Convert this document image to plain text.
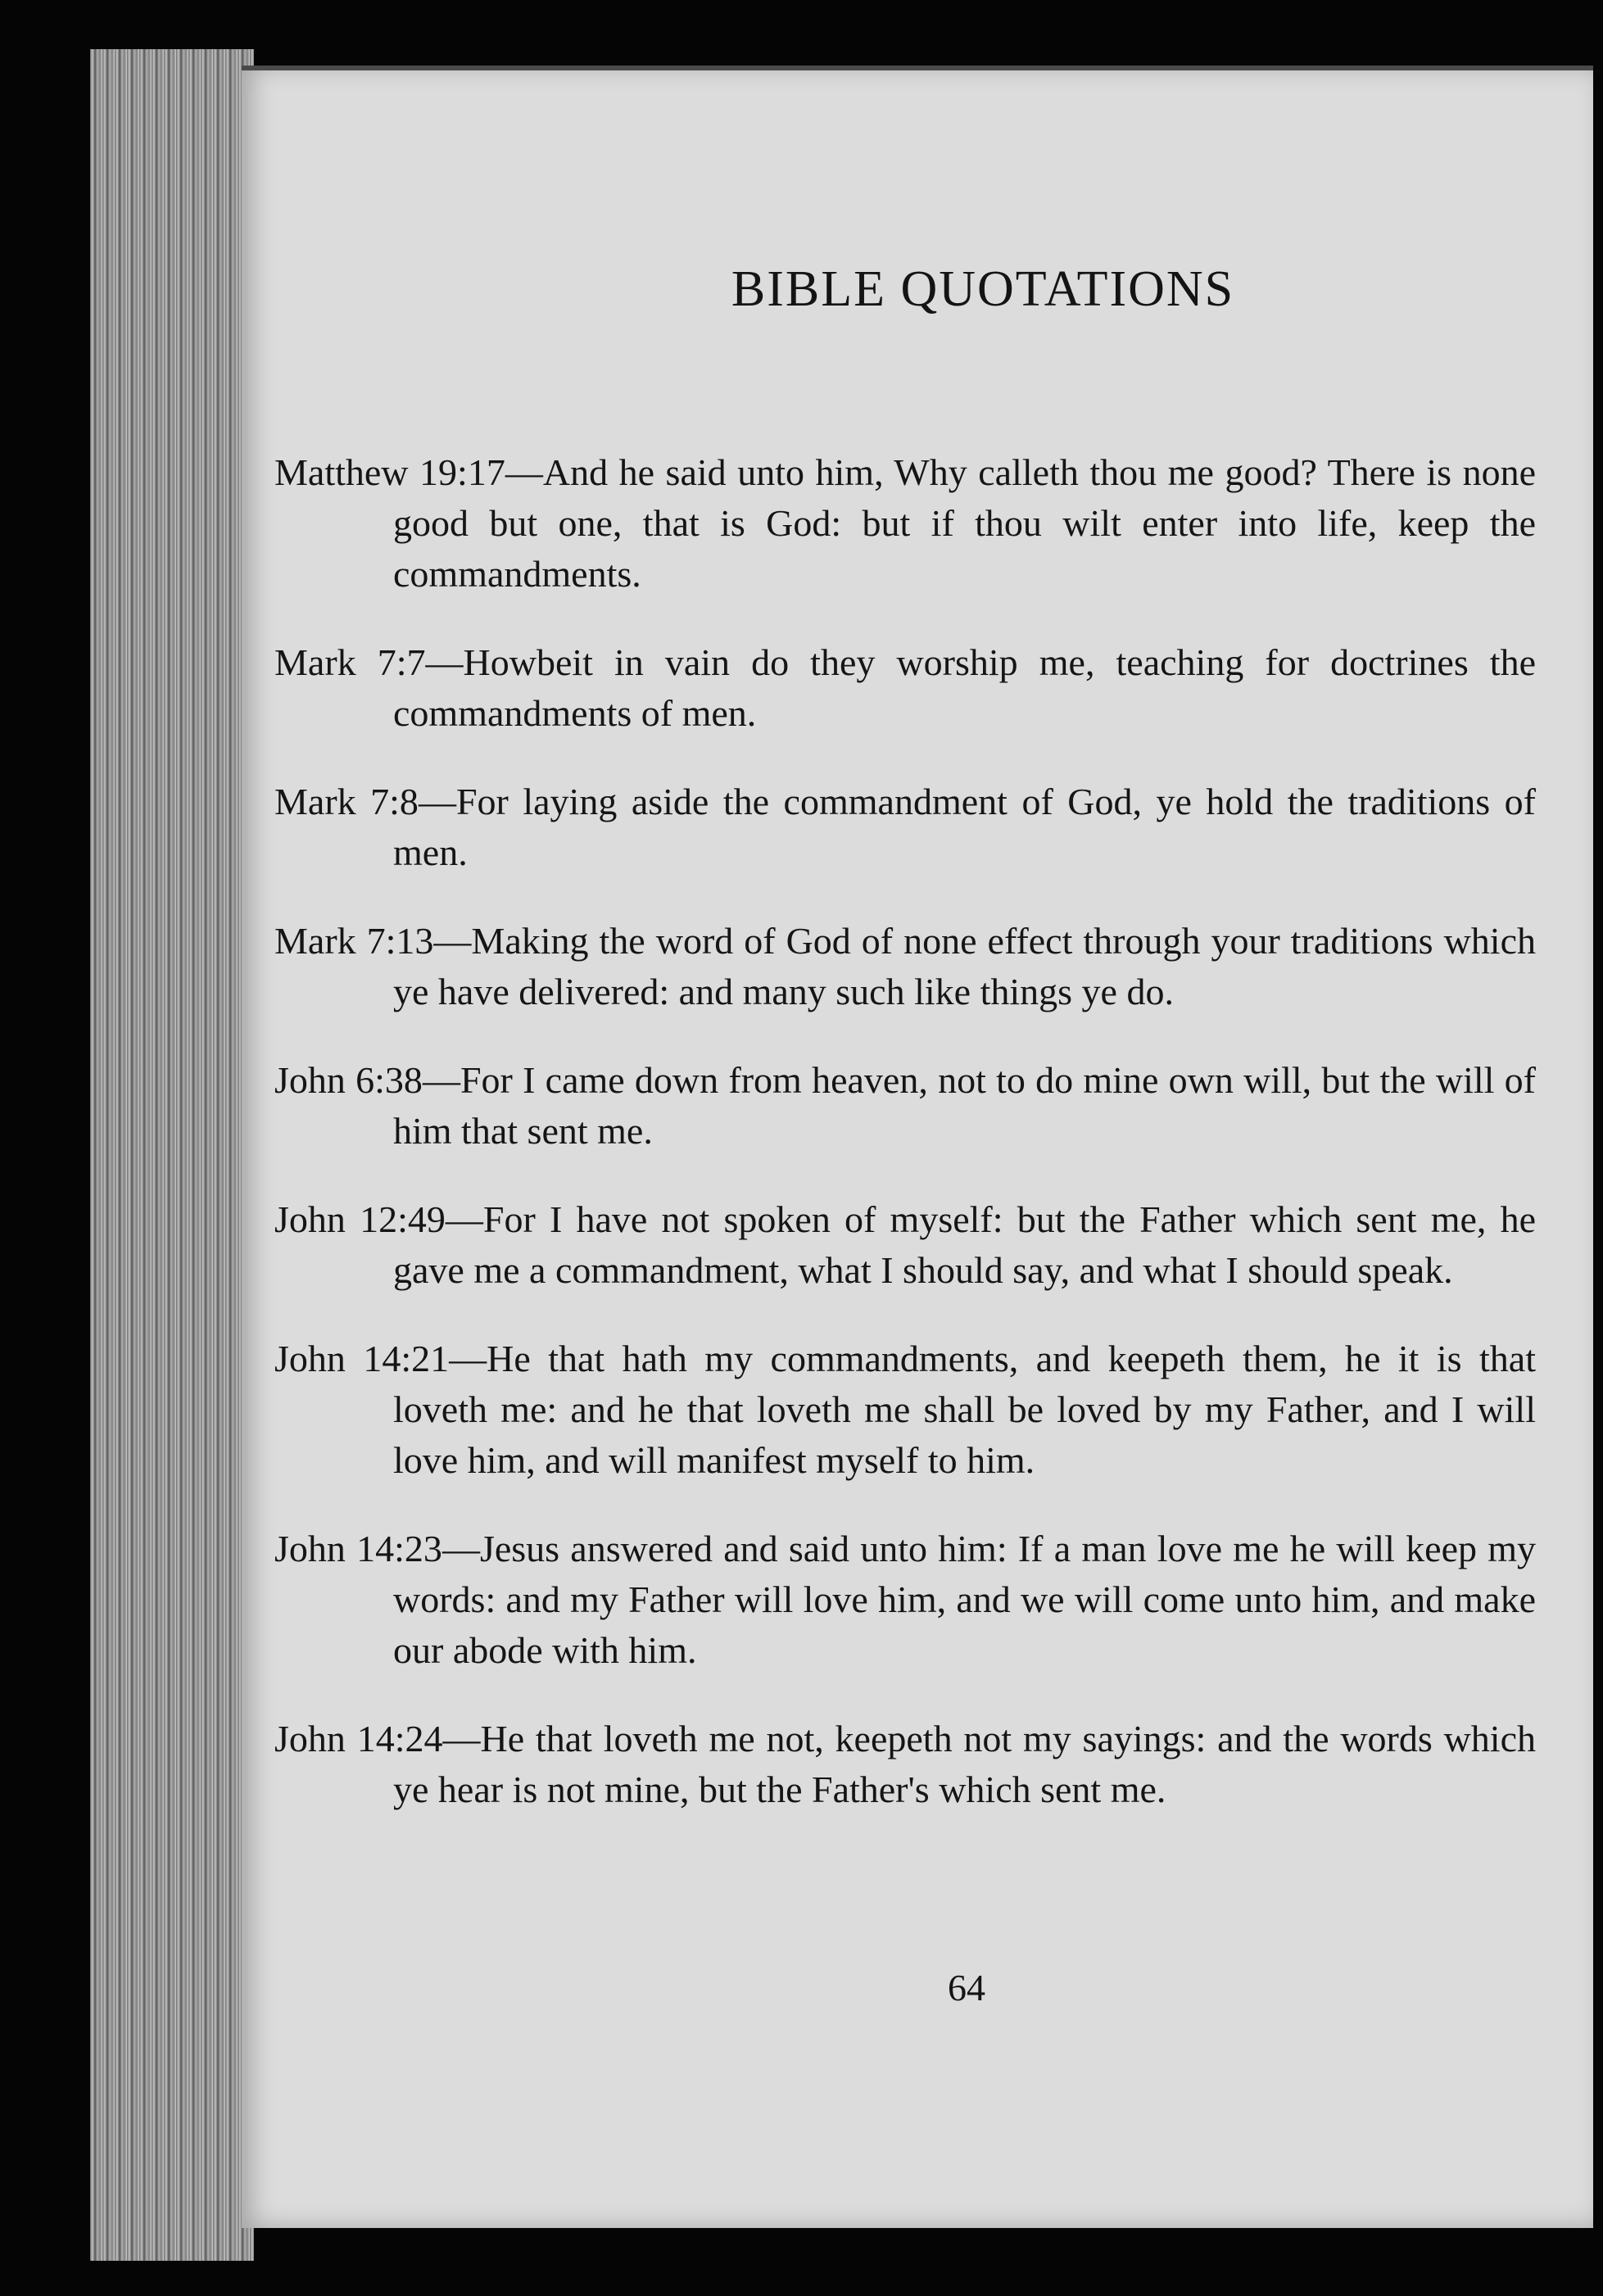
BIBLE QUOTATIONS

Matthew 19:17—And he said unto him, Why calleth thou me good? There is none good but one, that is God: but if thou wilt enter into life, keep the commandments.

Mark 7:7—Howbeit in vain do they worship me, teaching for doctrines the commandments of men.

Mark 7:8—For laying aside the commandment of God, ye hold the traditions of men.

Mark 7:13—Making the word of God of none effect through your traditions which ye have delivered: and many such like things ye do.

John 6:38—For I came down from heaven, not to do mine own will, but the will of him that sent me.

John 12:49—For I have not spoken of myself: but the Father which sent me, he gave me a commandment, what I should say, and what I should speak.

John 14:21—He that hath my commandments, and keepeth them, he it is that loveth me: and he that loveth me shall be loved by my Father, and I will love him, and will manifest myself to him.

John 14:23—Jesus answered and said unto him: If a man love me he will keep my words: and my Father will love him, and we will come unto him, and make our abode with him.

John 14:24—He that loveth me not, keepeth not my sayings: and the words which ye hear is not mine, but the Father's which sent me.

64
